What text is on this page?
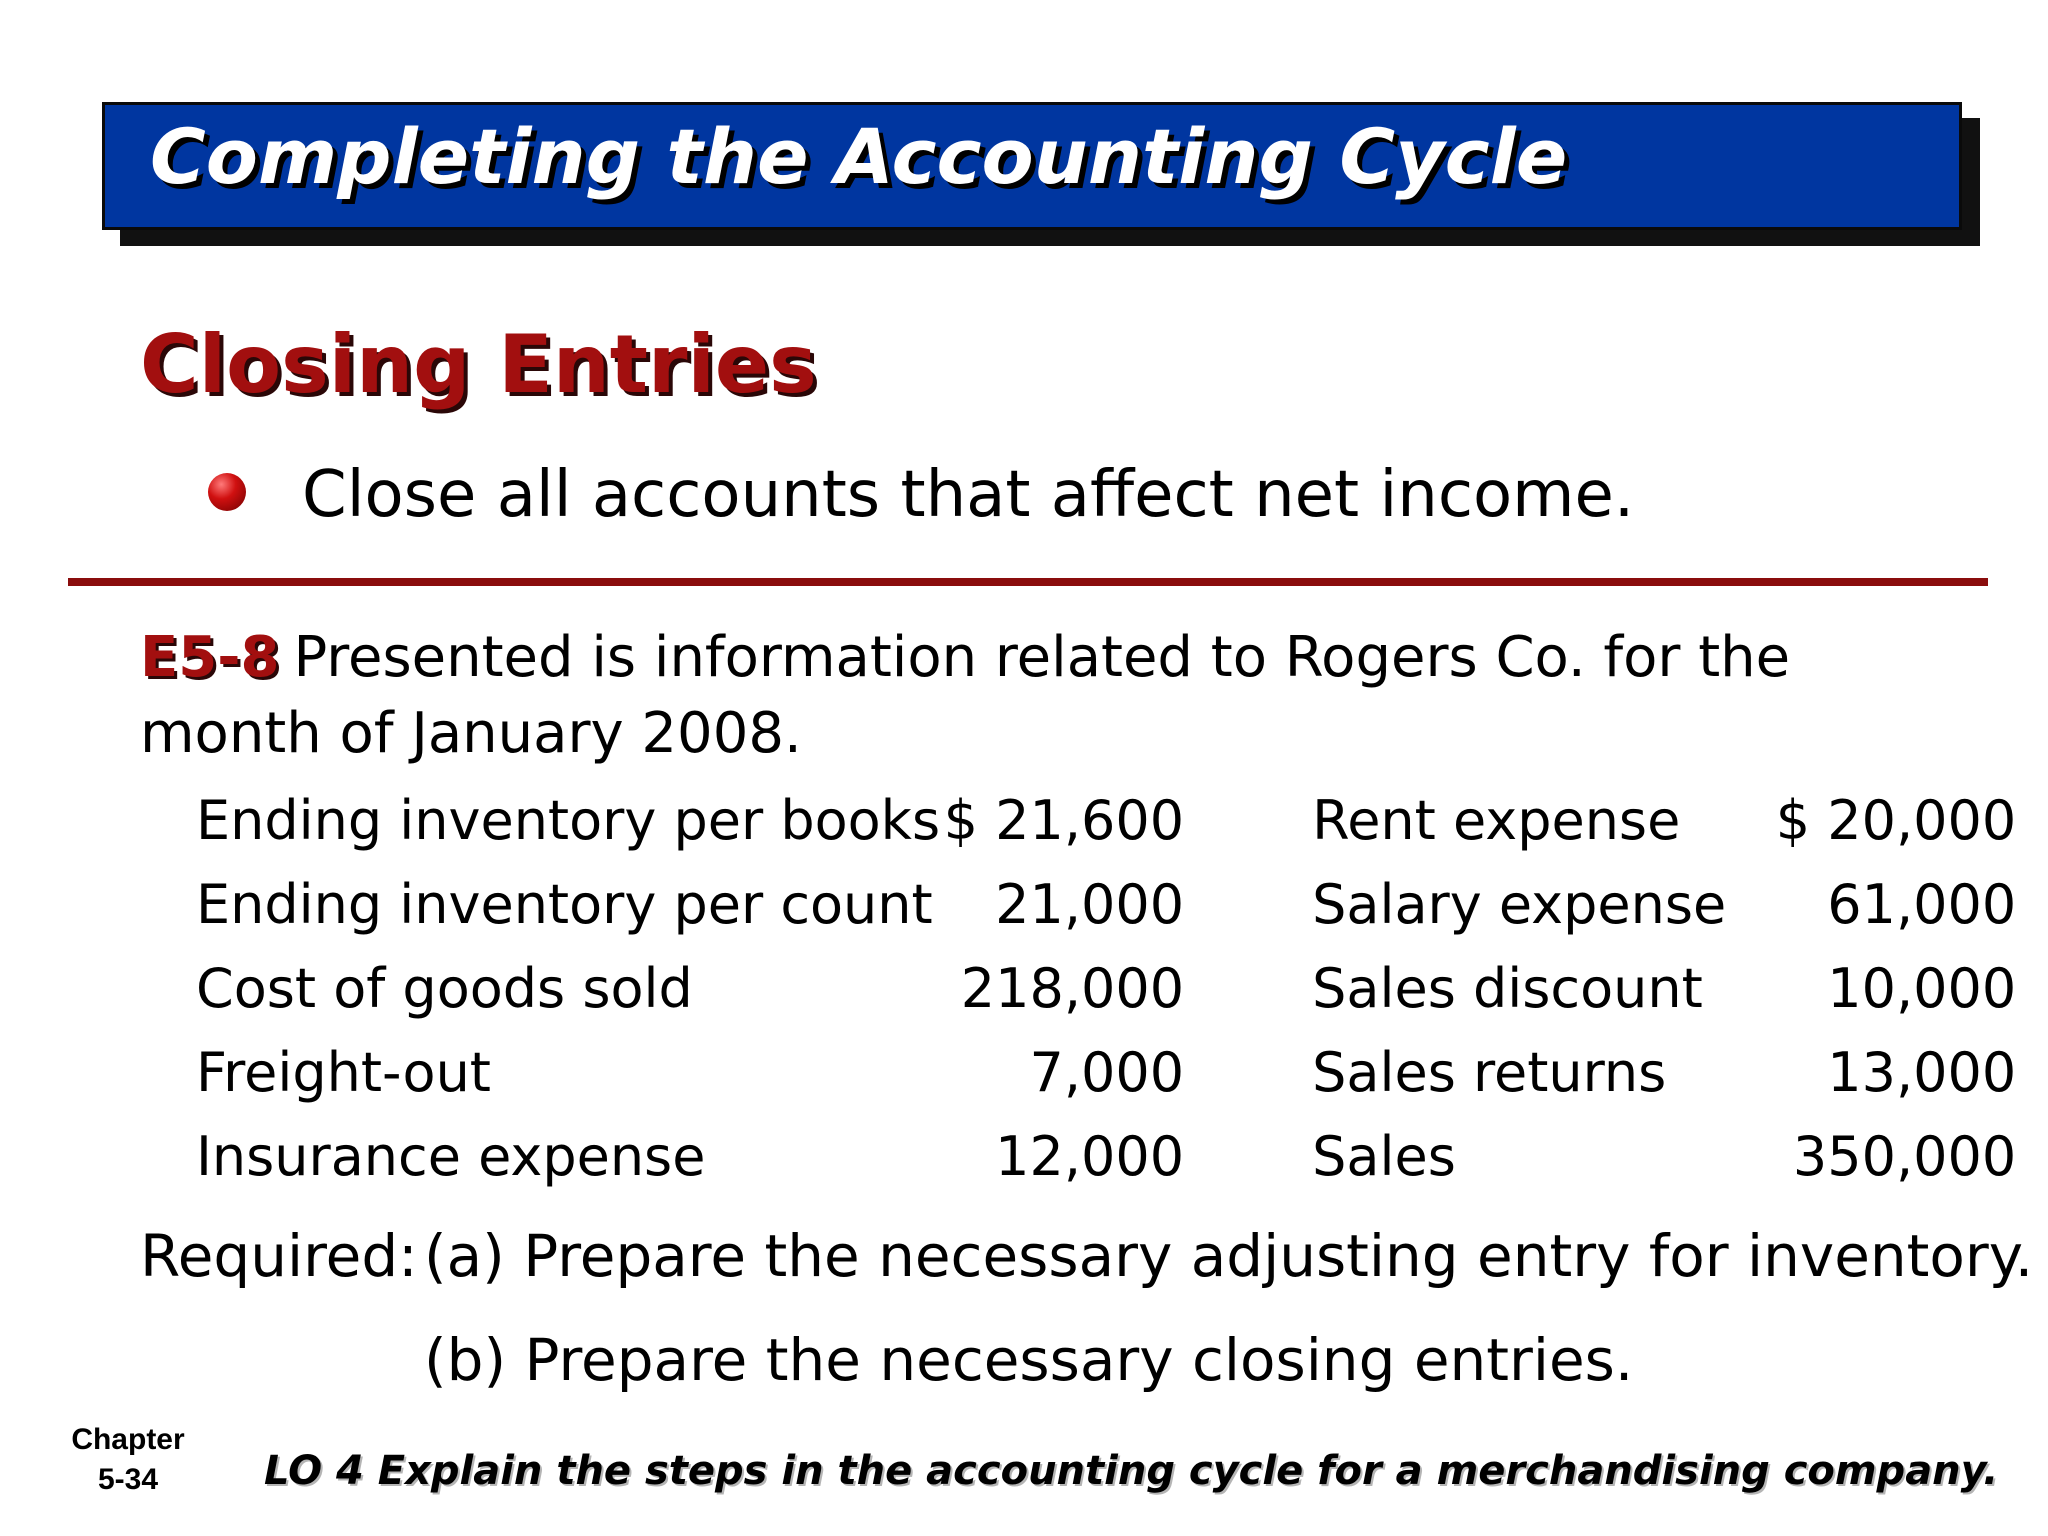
Completing the Accounting Cycle
Closing Entries
Close all accounts that affect net income.
E5-8 Presented is information related to Rogers Co. for the month of January 2008.
Ending inventory per books	$ 21,600		Rent expense	$ 20,000
Ending inventory per count	21,000		Salary expense	61,000
Cost of goods sold	218,000		Sales discount	10,000
Freight-out	7,000		Sales returns	13,000
Insurance expense	12,000		Sales	350,000
Required: (a) Prepare the necessary adjusting entry for inventory.
(b) Prepare the necessary closing entries.
Chapter
5-34	LO 4 Explain the steps in the accounting cycle for a merchandising company.
